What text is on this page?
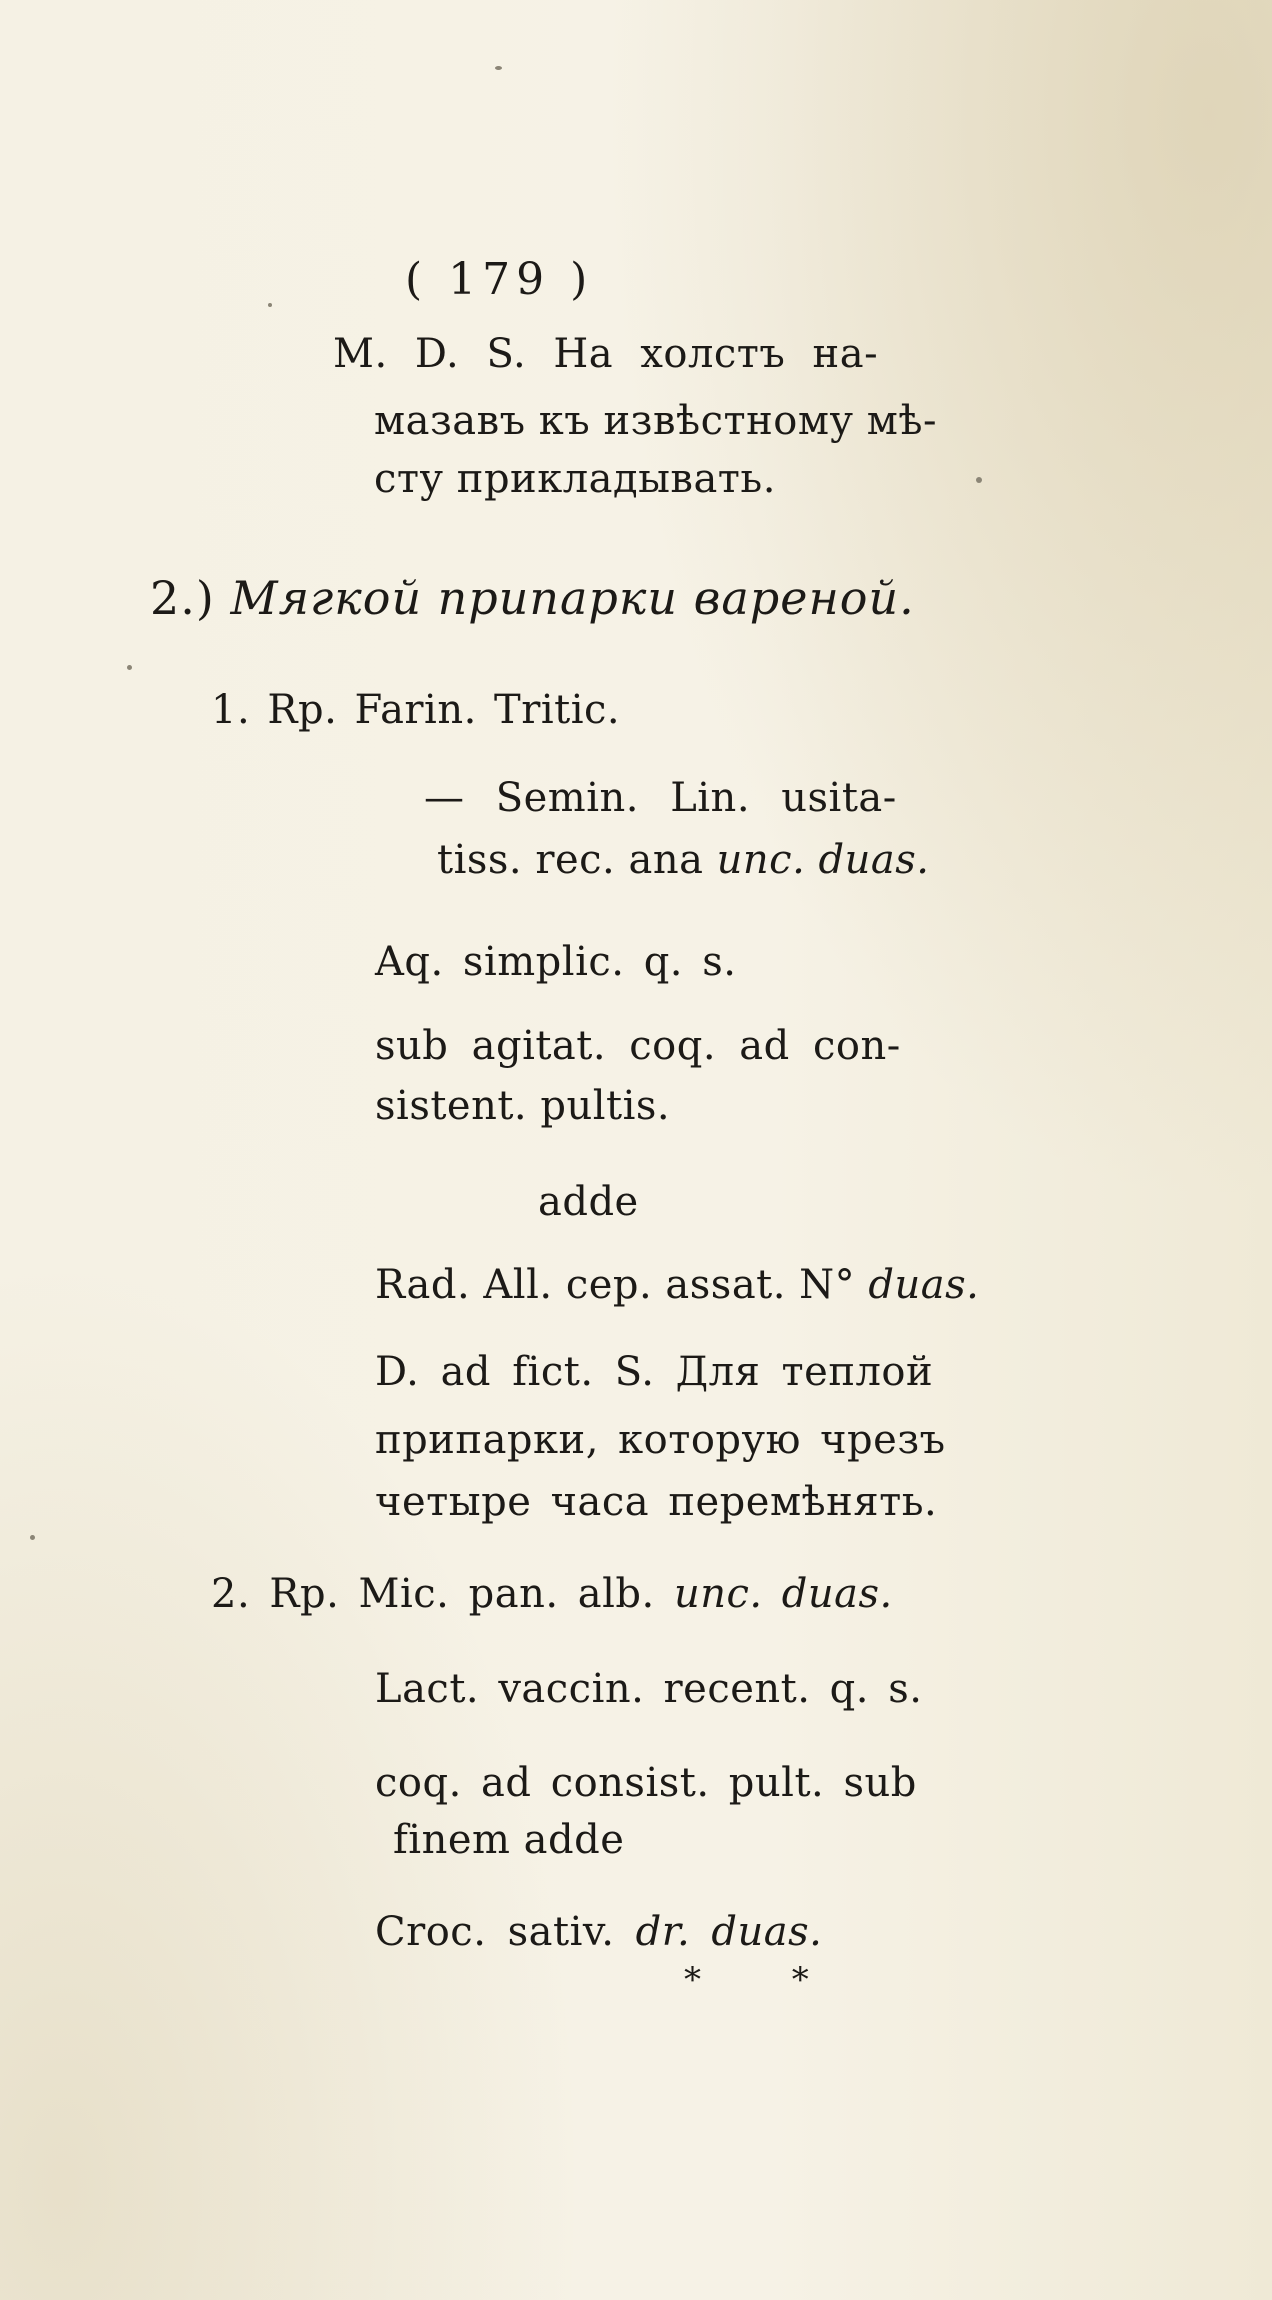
( 179 )
M. D. S. На холстъ на-
мазавъ къ извѣстному мѣ-
сту прикладывать.
2.) Мягкой припарки вареной.
1. Rp. Farin. Tritic.
— Semin. Lin. usita-
tiss. rec. ana unc. duas.
Aq. simplic. q. s.
sub agitat. coq. ad con-
sistent. pultis.
adde
Rad. All. cep. assat. N° duas.
D. ad fict. S. Для теплой
припарки, которую чрезъ
четыре часа перемѣнять.
2. Rp. Mic. pan. alb. unc. duas.
Lact. vaccin. recent. q. s.
coq. ad consist. pult. sub
finem adde
Croc. sativ. dr. duas.
* *
